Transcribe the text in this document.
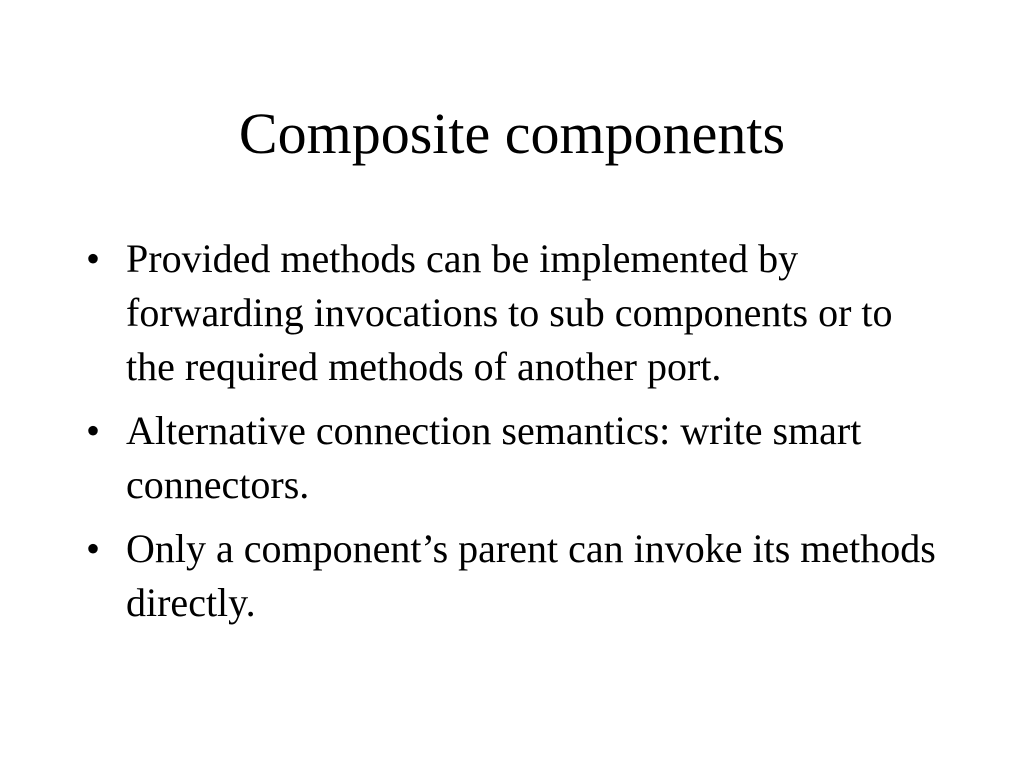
Composite components
• Provided methods can be implemented by forwarding invocations to sub components or to the required methods of another port.
• Alternative connection semantics: write smart connectors.
• Only a component’s parent can invoke its methods directly.
